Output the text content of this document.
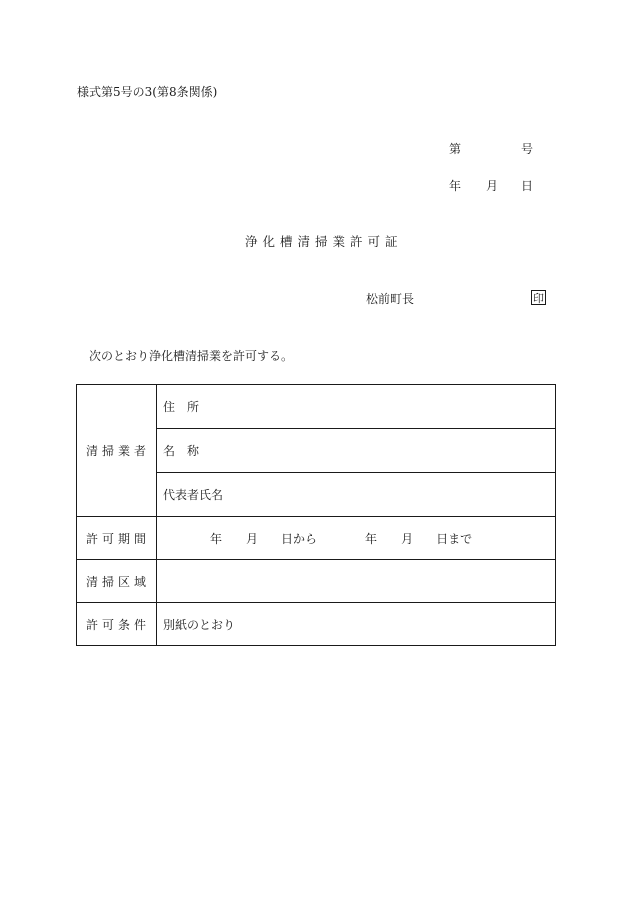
様式第5号の3(第8条関係)
第	号
年 月 日
浄化槽清掃業許可証
松前町長	印
次のとおり浄化槽清掃業を許可する。
清掃業者	住　所
	名　称
	代表者氏名
許可期間	年 月 日から 年 月 日まで
清掃区域	
許可条件	別紙のとおり
